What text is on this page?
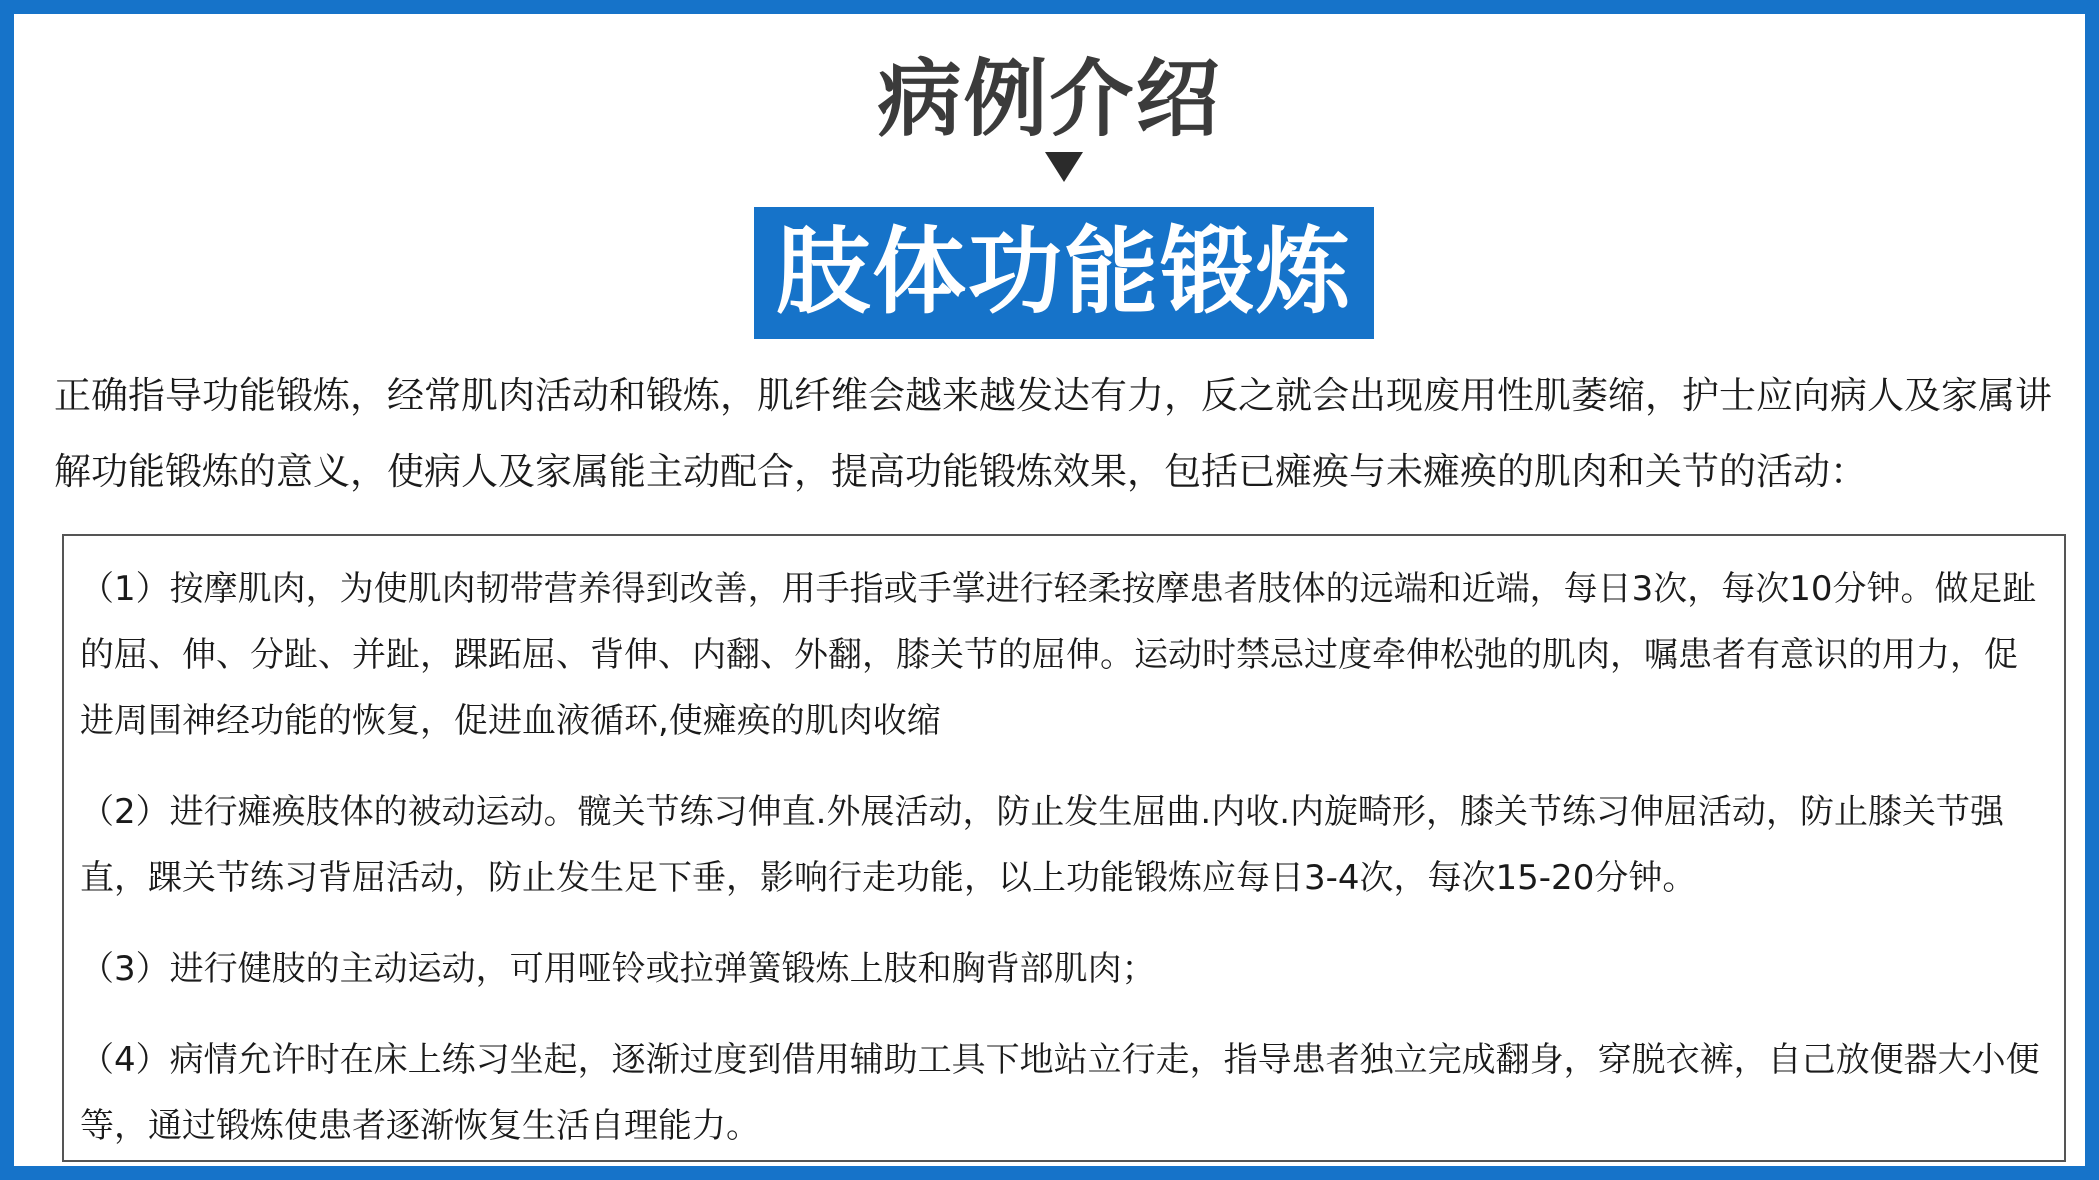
病例介绍
肢体功能锻炼
正确指导功能锻炼，经常肌肉活动和锻炼，肌纤维会越来越发达有力，反之就会出现废用性肌萎缩，护士应向病人及家属讲解功能锻炼的意义，使病人及家属能主动配合，提高功能锻炼效果，包括已瘫痪与未瘫痪的肌肉和关节的活动：

（1）按摩肌肉，为使肌肉韧带营养得到改善，用手指或手掌进行轻柔按摩患者肢体的远端和近端，每日3次，每次10分钟。做足趾的屈、伸、分趾、并趾，踝跖屈、背伸、内翻、外翻，膝关节的屈伸。运动时禁忌过度牵伸松弛的肌肉，嘱患者有意识的用力，促进周围神经功能的恢复，促进血液循环,使瘫痪的肌肉收缩

（2）进行瘫痪肢体的被动运动。髋关节练习伸直.外展活动，防止发生屈曲.内收.内旋畸形，膝关节练习伸屈活动，防止膝关节强直，踝关节练习背屈活动，防止发生足下垂，影响行走功能，以上功能锻炼应每日3-4次，每次15-20分钟。

（3）进行健肢的主动运动，可用哑铃或拉弹簧锻炼上肢和胸背部肌肉；

（4）病情允许时在床上练习坐起，逐渐过度到借用辅助工具下地站立行走，指导患者独立完成翻身，穿脱衣裤，自己放便器大小便等，通过锻炼使患者逐渐恢复生活自理能力。
